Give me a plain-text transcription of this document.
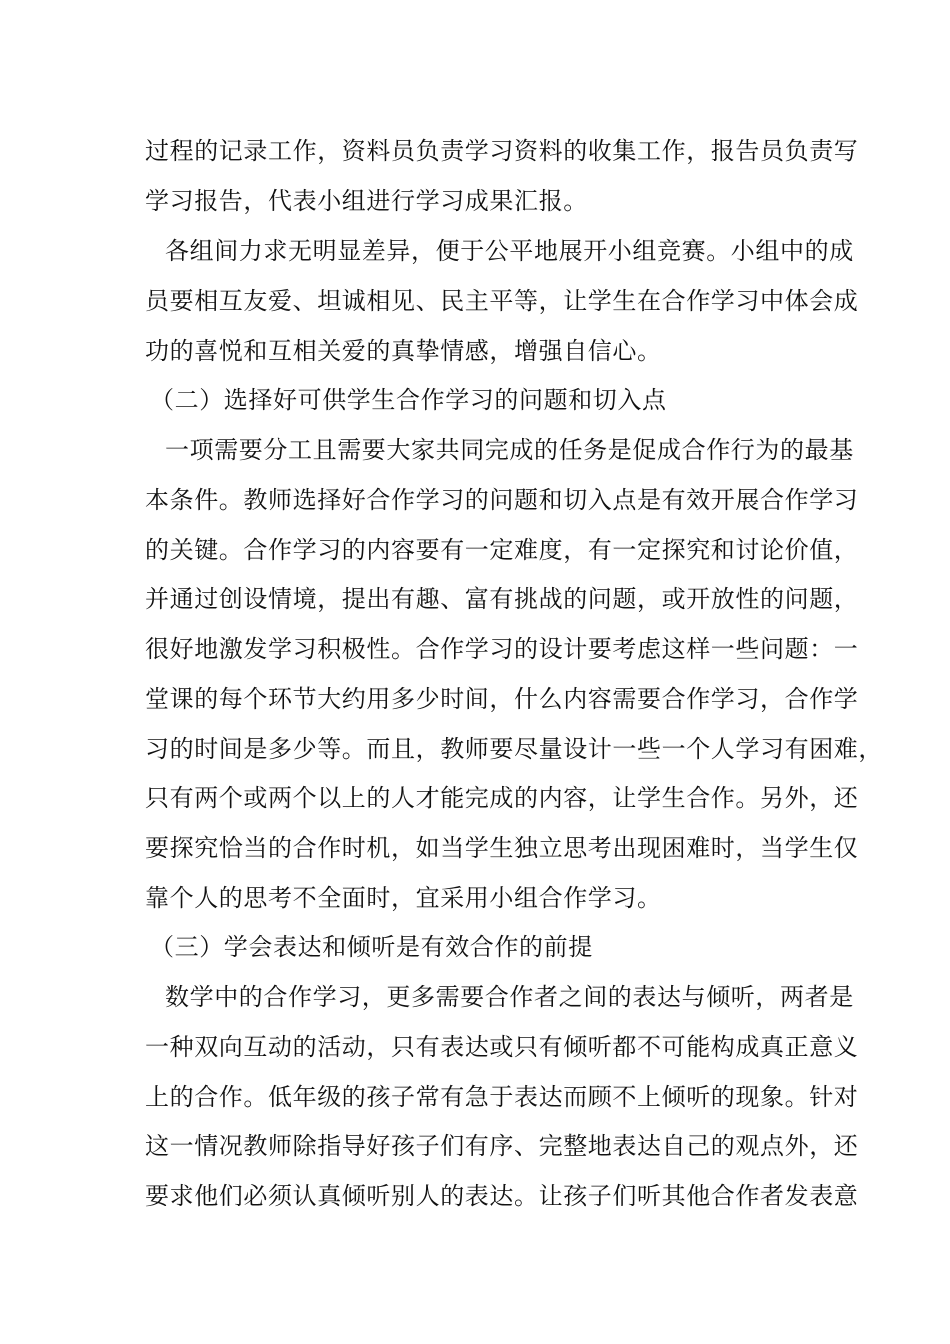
过程的记录工作，资料员负责学习资料的收集工作，报告员负责写
学习报告，代表小组进行学习成果汇报。
各组间力求无明显差异，便于公平地展开小组竞赛。小组中的成
员要相互友爱、坦诚相见、民主平等，让学生在合作学习中体会成
功的喜悦和互相关爱的真挚情感，增强自信心。
（二）选择好可供学生合作学习的问题和切入点
一项需要分工且需要大家共同完成的任务是促成合作行为的最基
本条件。教师选择好合作学习的问题和切入点是有效开展合作学习
的关键。合作学习的内容要有一定难度，有一定探究和讨论价值，
并通过创设情境，提出有趣、富有挑战的问题，或开放性的问题，
很好地激发学习积极性。合作学习的设计要考虑这样一些问题：一
堂课的每个环节大约用多少时间，什么内容需要合作学习，合作学
习的时间是多少等。而且，教师要尽量设计一些一个人学习有困难，
只有两个或两个以上的人才能完成的内容，让学生合作。另外，还
要探究恰当的合作时机，如当学生独立思考出现困难时，当学生仅
靠个人的思考不全面时，宜采用小组合作学习。
（三）学会表达和倾听是有效合作的前提
数学中的合作学习，更多需要合作者之间的表达与倾听，两者是
一种双向互动的活动，只有表达或只有倾听都不可能构成真正意义
上的合作。低年级的孩子常有急于表达而顾不上倾听的现象。针对
这一情况教师除指导好孩子们有序、完整地表达自己的观点外，还
要求他们必须认真倾听别人的表达。让孩子们听其他合作者发表意
